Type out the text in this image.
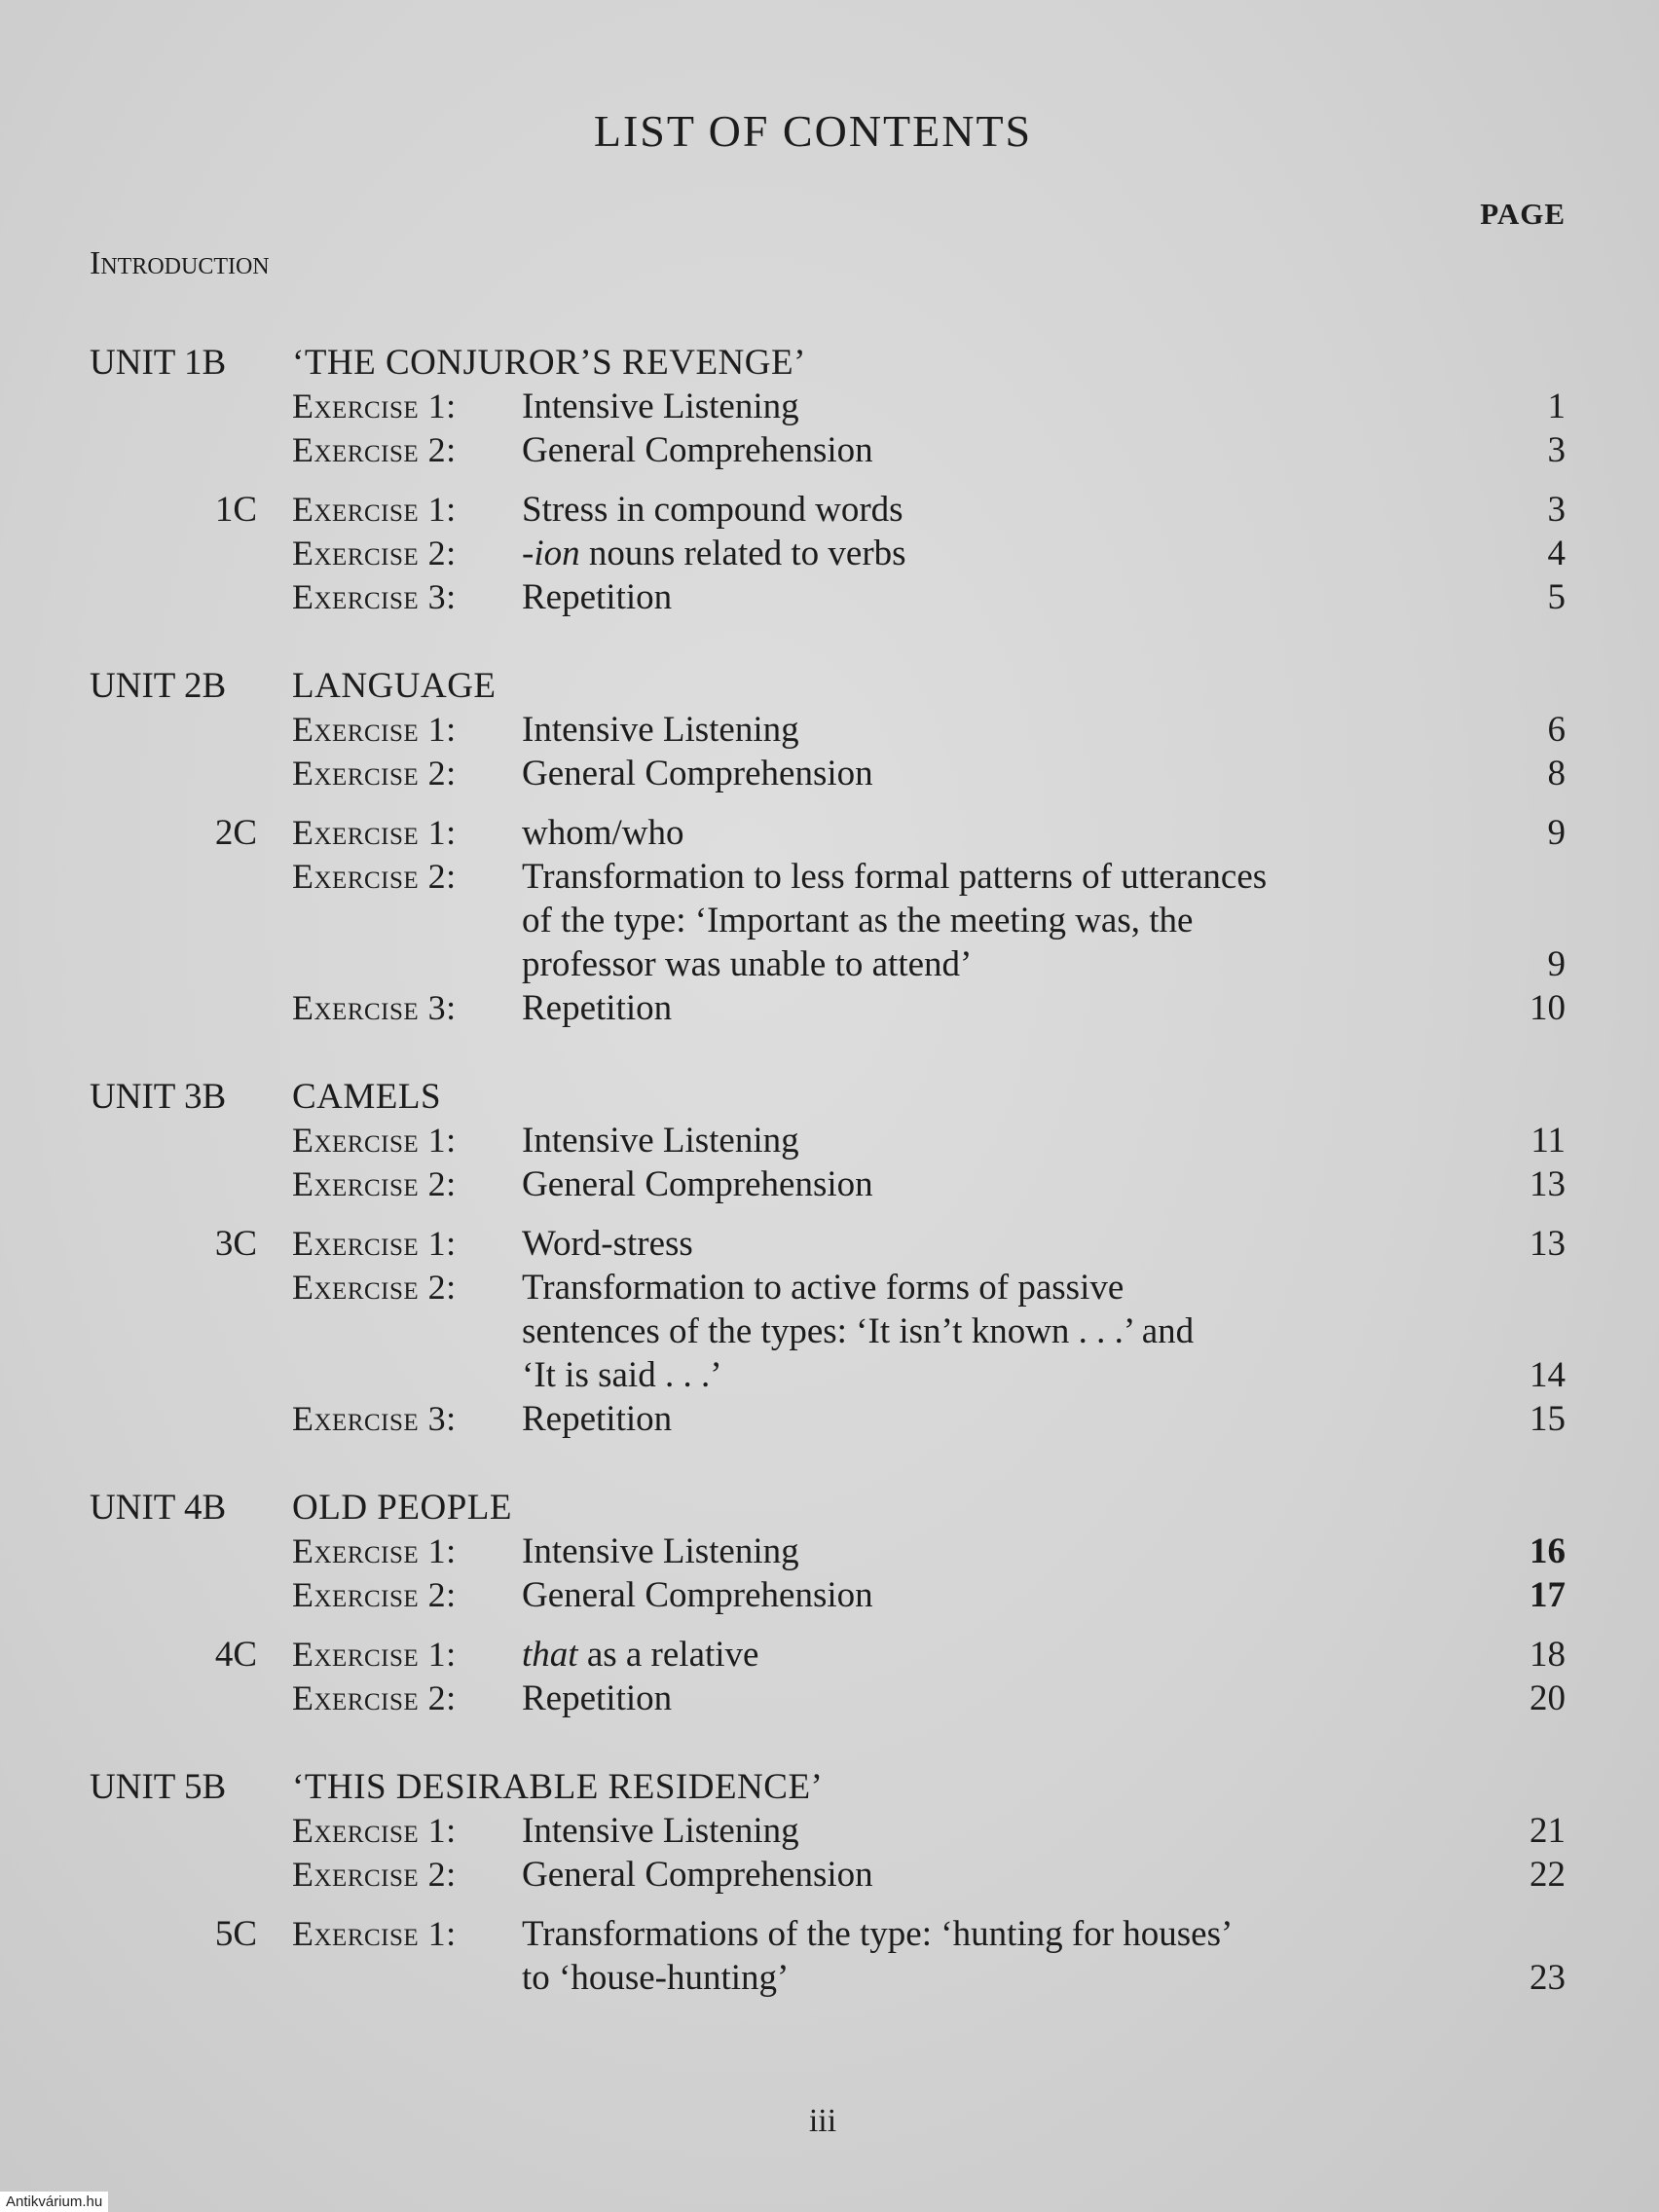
LIST OF CONTENTS
PAGE
Introduction
UNIT 1B	‘THE CONJUROR’S REVENGE’
Exercise 1:	Intensive Listening	1
Exercise 2:	General Comprehension	3
1C	Exercise 1:	Stress in compound words	3
Exercise 2:	-ion nouns related to verbs	4
Exercise 3:	Repetition	5
UNIT 2B	LANGUAGE
Exercise 1:	Intensive Listening	6
Exercise 2:	General Comprehension	8
2C	Exercise 1:	whom/who	9
Exercise 2:	Transformation to less formal patterns of utterances
of the type: ‘Important as the meeting was, the
professor was unable to attend’	9
Exercise 3:	Repetition	10
UNIT 3B	CAMELS
Exercise 1:	Intensive Listening	11
Exercise 2:	General Comprehension	13
3C	Exercise 1:	Word-stress	13
Exercise 2:	Transformation to active forms of passive
sentences of the types: ‘It isn’t known . . .’ and
‘It is said . . .’	14
Exercise 3:	Repetition	15
UNIT 4B	OLD PEOPLE
Exercise 1:	Intensive Listening	16
Exercise 2:	General Comprehension	17
4C	Exercise 1:	that as a relative	18
Exercise 2:	Repetition	20
UNIT 5B	‘THIS DESIRABLE RESIDENCE’
Exercise 1:	Intensive Listening	21
Exercise 2:	General Comprehension	22
5C	Exercise 1:	Transformations of the type: ‘hunting for houses’
to ‘house-hunting’	23
iii
Antikvárium.hu
